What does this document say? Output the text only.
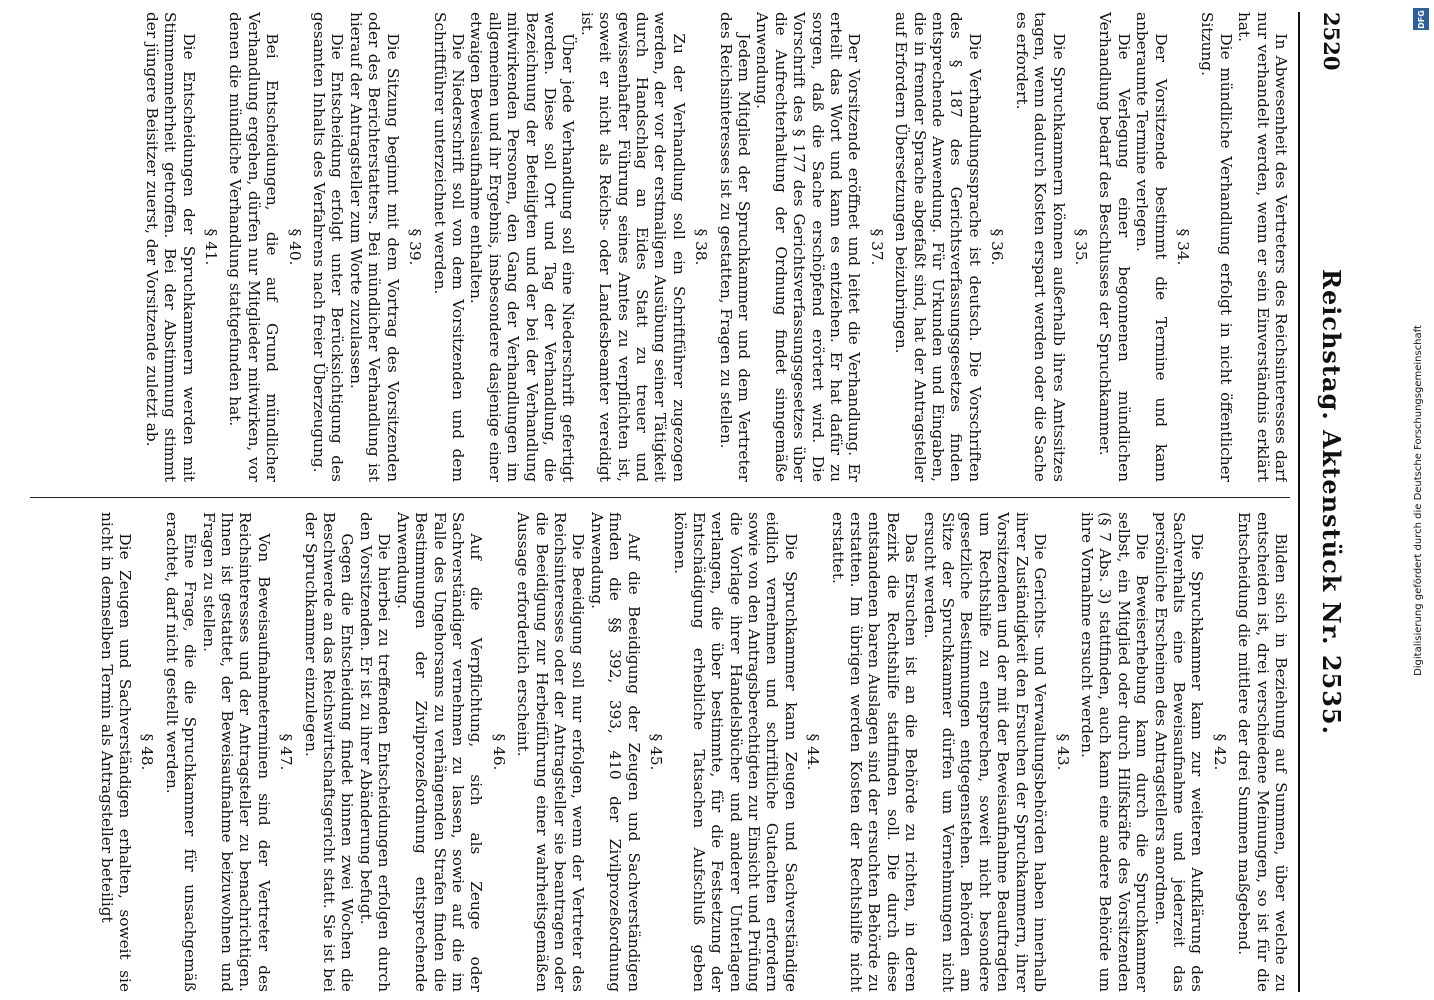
2520
Reichstag. Aktenstück Nr. 2535.

In Abwesenheit des Vertreters des Reichsinteresses darf nur verhandelt werden, wenn er sein Einverständnis erklärt hat.

Die mündliche Verhandlung erfolgt in nicht öffentlicher Sitzung.

§ 34.

Der Vorsitzende bestimmt die Termine und kann anberaumte Termine verlegen.

Die Verlegung einer begonnenen mündlichen Verhandlung bedarf des Beschlusses der Spruchkammer.

§ 35.

Die Spruchkammern können außerhalb ihres Amtssitzes tagen, wenn dadurch Kosten erspart werden oder die Sache es erfordert.

§ 36.

Die Verhandlungssprache ist deutsch. Die Vorschriften des § 187 des Gerichtsverfassungsgesetzes finden entsprechende Anwendung. Für Urkunden und Eingaben, die in fremder Sprache abgefaßt sind, hat der Antragsteller auf Erfordern Übersetzungen beizubringen.

§ 37.

Der Vorsitzende eröffnet und leitet die Verhandlung. Er erteilt das Wort und kann es entziehen. Er hat dafür zu sorgen, daß die Sache erschöpfend erörtert wird. Die Vorschrift des § 177 des Gerichtsverfassungsgesetzes über die Aufrechterhaltung der Ordnung findet sinngemäße Anwendung.

Jedem Mitglied der Spruchkammer und dem Vertreter des Reichsinteresses ist zu gestatten, Fragen zu stellen.

§ 38.

Zu der Verhandlung soll ein Schriftführer zugezogen werden, der vor der erstmaligen Ausübung seiner Tätigkeit durch Handschlag an Eides Statt zu treuer und gewissenhafter Führung seines Amtes zu verpflichten ist, soweit er nicht als Reichs- oder Landesbeamter vereidigt ist.

Über jede Verhandlung soll eine Niederschrift gefertigt werden. Diese soll Ort und Tag der Verhandlung, die Bezeichnung der Beteiligten und der bei der Verhandlung mitwirkenden Personen, den Gang der Verhandlungen im allgemeinen und ihr Ergebnis, insbesondere dasjenige einer etwaigen Beweisaufnahme enthalten.

Die Niederschrift soll von dem Vorsitzenden und dem Schriftführer unterzeichnet werden.

§ 39.

Die Sitzung beginnt mit dem Vortrag des Vorsitzenden oder des Berichterstatters. Bei mündlicher Verhandlung ist hierauf der Antragsteller zum Worte zuzulassen.

Die Entscheidung erfolgt unter Berücksichtigung des gesamten Inhalts des Verfahrens nach freier Überzeugung.

§ 40.

Bei Entscheidungen, die auf Grund mündlicher Verhandlung ergehen, dürfen nur Mitglieder mitwirken, vor denen die mündliche Verhandlung stattgefunden hat.

§ 41.

Die Entscheidungen der Spruchkammern werden mit Stimmenmehrheit getroffen. Bei der Abstimmung stimmt der jüngere Beisitzer zuerst, der Vorsitzende zuletzt ab.

Bilden sich in Beziehung auf Summen, über welche zu entscheiden ist, drei verschiedene Meinungen, so ist für die Entscheidung die mittlere der drei Summen maßgebend.

§ 42.

Die Spruchkammer kann zur weiteren Aufklärung des Sachverhalts eine Beweisaufnahme und jederzeit das persönliche Erscheinen des Antragstellers anordnen.

Die Beweiserhebung kann durch die Spruchkammer selbst, ein Mitglied oder durch Hilfskräfte des Vorsitzenden (§ 7 Abs. 3) stattfinden, auch kann eine andere Behörde um ihre Vornahme ersucht werden.

§ 43.

Die Gerichts- und Verwaltungsbehörden haben innerhalb ihrer Zuständigkeit den Ersuchen der Spruchkammern, ihrer Vorsitzenden und der mit der Beweisaufnahme Beauftragten um Rechtshilfe zu entsprechen, soweit nicht besondere gesetzliche Bestimmungen entgegenstehen. Behörden am Sitze der Spruchkammer dürfen um Vernehmungen nicht ersucht werden.

Das Ersuchen ist an die Behörde zu richten, in deren Bezirk die Rechtshilfe stattfinden soll. Die durch diese entstandenen baren Auslagen sind der ersuchten Behörde zu erstatten. Im übrigen werden Kosten der Rechtshilfe nicht erstattet.

§ 44.

Die Spruchkammer kann Zeugen und Sachverständige eidlich vernehmen und schriftliche Gutachten erfordern sowie von den Antragsberechtigten zur Einsicht und Prüfung die Vorlage ihrer Handelsbücher und anderer Unterlagen verlangen, die über bestimmte, für die Festsetzung der Entschädigung erhebliche Tatsachen Aufschluß geben können.

§ 45.

Auf die Beeidigung der Zeugen und Sachverständigen finden die §§ 392, 393, 410 der Zivilprozeßordnung Anwendung.

Die Beeidigung soll nur erfolgen, wenn der Vertreter des Reichsinteresses oder der Antragsteller sie beantragen oder die Beeidigung zur Herbeiführung einer wahrheitsgemäßen Aussage erforderlich erscheint.

§ 46.

Auf die Verpflichtung, sich als Zeuge oder Sachverständiger vernehmen zu lassen, sowie auf die im Falle des Ungehorsams zu verhängenden Strafen finden die Bestimmungen der Zivilprozeßordnung entsprechende Anwendung.

Die hierbei zu treffenden Entscheidungen erfolgen durch den Vorsitzenden. Er ist zu ihrer Abänderung befugt.

Gegen die Entscheidung findet binnen zwei Wochen die Beschwerde an das Reichswirtschaftsgericht statt. Sie ist bei der Spruchkammer einzulegen.

§ 47.

Von Beweisaufnahmeterminen sind der Vertreter des Reichsinteresses und der Antragsteller zu benachrichtigen. Ihnen ist gestattet, der Beweisaufnahme beizuwohnen und Fragen zu stellen.

Eine Frage, die die Spruchkammer für unsachgemäß erachtet, darf nicht gestellt werden.

§ 48.

Die Zeugen und Sachverständigen erhalten, soweit sie nicht in demselben Termin als Antragsteller beteiligt

DFG
Digitalisierung gefördert durch die Deutsche Forschungsgemeinschaft
